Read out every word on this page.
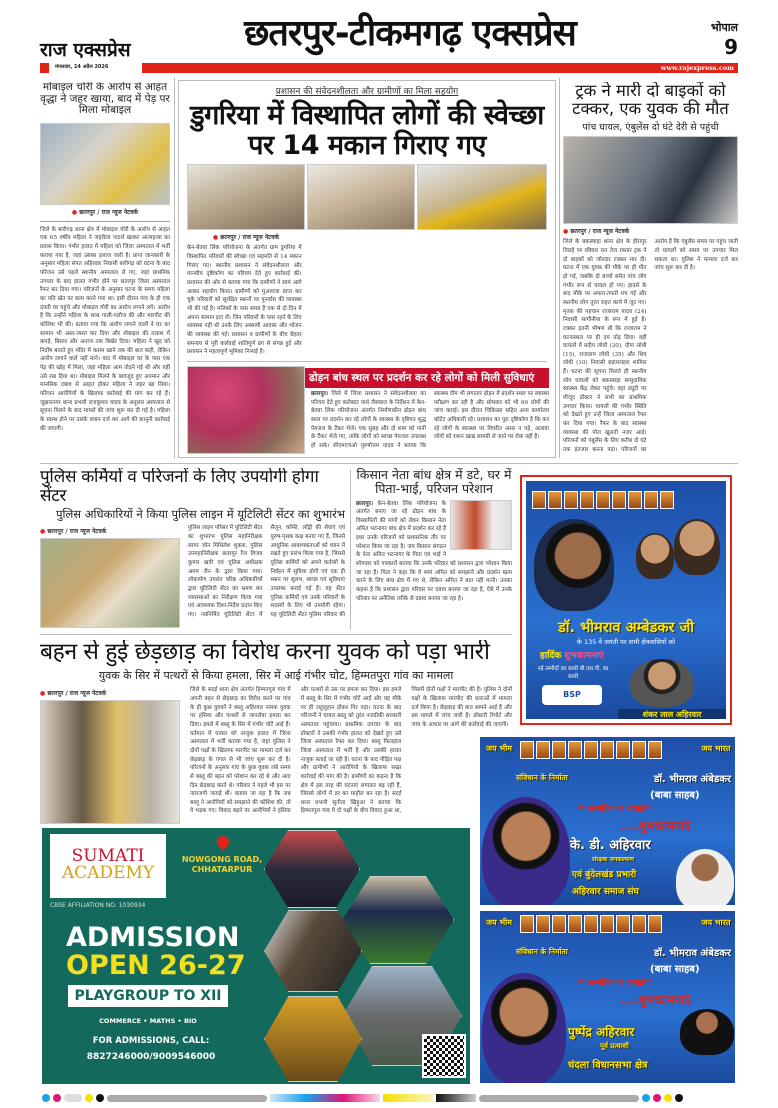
राज एक्सप्रेस	छतरपुर-टीकमगढ़ एक्सप्रेस	भोपाल
9
मंगलवार, 14 अप्रैल 2026	www.rajexpress.com
मोबाइल चोरी के आरोप से आहत वृद्धा ने जहर खाया, बाद में पेड़ पर मिला मोबाइल
● छतरपुर / राज न्यूज नेटवर्क
जिले के बारीगढ़ थाना क्षेत्र में मोबाइल चोरी के आरोप से आहत एक 65 वर्षीय महिला ने जहरीला पदार्थ खाकर आत्महत्या का प्रयास किया। गंभीर हालत में महिला को जिला अस्पताल में भर्ती कराया गया है, जहां उसका इलाज जारी है। प्राप्त जानकारी के अनुसार महिला संपत अहिरवार निवासी बारीगढ़ को घटना के बाद परिजन उसे पहले स्थानीय अस्पताल ले गए, जहां प्राथमिक उपचार के बाद हालत गंभीर होने पर छतरपुर जिला अस्पताल रैफर कर दिया गया। परिजनों के अनुसार घटना के समय महिला का पति खेत पर काम करने गया था। इसी दौरान गांव के ही एक दंपती घर पहुंचे और मोबाइल चोरी का आरोप लगाने लगे। आरोप है कि उन्होंने महिला के साथ गाली-गलौज की और मारपीट की कोशिश भी की। बताया गया कि आरोप लगाने वालों ने घर का सामान भी अस्त-व्यस्त कर दिया और मोबाइल की तलाश में कपड़े, बिस्तर और अनाज तक बिखेर दिया। महिला ने खुद को निर्दोष बताते हुए मंदिर में कसम खाने तक की बात कही, लेकिन आरोप लगाने वाले नहीं माने। बाद में मोबाइल घर के पास एक पेड़ की खोह में मिला, जहां महिला आम तोड़ने गई थी और वहीं उसे रख दिया था। मोबाइल मिलने के बावजूद हुए अपमान और मानसिक दबाव से आहत होकर महिला ने जहर खा लिया। परिजन आरोपियों के खिलाफ कार्रवाई की मांग कर रहे हैं। जुझारनगर थाना प्रभारी राजकुमार यादव के अनुसार अस्पताल से सूचना मिलने के बाद मामले की जांच शुरू कर दी गई है। महिला के स्वस्थ होने पर उसके बयान दर्ज कर आगे की कानूनी कार्रवाई की जाएगी।
प्रशासन की संवेदनशीलता और ग्रामीणों का मिला सहयोग
डुगरिया में विस्थापित लोगों की स्वेच्छा पर 14 मकान गिराए गए
● छतरपुर / राज न्यूज नेटवर्क
केन-बेतवा लिंक परियोजना के अंतर्गत ग्राम डुगरिया में विस्थापित परिवारों की स्वेच्छा एवं सहमति से 14 मकान गिराए गए। स्थानीय प्रशासन ने संवेदनशीलता और मानवीय दृष्टिकोण का परिचय देते हुए कार्रवाई की। प्रशासन की ओर से बताया गया कि ग्रामीणों ने स्वयं आगे आकर सहयोग किया। ग्रामीणों को मुआवजा प्राप्त कर चुके परिवारों को सुरक्षित स्थानों पर पुनर्वास की व्यवस्था भी की गई है। मलिकों के पास समय है एक से दो दिन में अपना सामान हटा लें। जिन परिवारों के पास रहने के लिए व्यवस्था नहीं थी उनके लिए अस्थायी आवास और भोजन की व्यवस्था की गई। प्रशासन व ग्रामीणों के बीच बेहतर समन्वय से पूरी कार्रवाई शांतिपूर्ण ढंग से संपन्न हुई और प्रशासन ने महत्वपूर्ण भूमिका निभाई है।
ढोड़न बांध स्थल पर प्रदर्शन कर रहे लोगों को मिली सुविधाएं
छतरपुर। जिले में जिला प्रशासन ने संवेदनशीलता का परिचय देते हुए कलेक्टर पार्थ जैसवाल के निर्देशन में केन-बेतवा लिंक परियोजना अंतर्गत निर्माणाधीन ढोड़न बांध स्थल पर प्रदर्शन कर रहे लोगों के स्वास्थ्य के दृष्टिगत शुद्ध पेयजल के टैंकर भेजे। एक सुबह और दो शाम को पानी के टैंकर भेजे गए, ताकि लोगों को स्वच्छ पेयजल उपलब्ध हो सके। सीएमएचओ पुरुषोत्तम यादव ने बताया कि स्वास्थ्य टीम भी लगातार ढोड़न में प्रदर्शन स्थल पर स्वास्थ्य परीक्षण कर रही है और सोमवार को भी 60 लोगों की जांच कराई। इस दौरान चिकित्सा सहित अन्य कार्यालय कोटेट अधिकारी रहे। प्रशासन का पूरा दृष्टिकोण है कि कर रहे लोगों के स्वास्थ्य पर विपरीत असर न पड़े, अलावा लोगों को राशन खाद्य सामग्री ले जाने पर रोक नहीं है।
ट्रक ने मारी दो बाइकों को टक्कर, एक युवक की मौत
पांच घायल, एंबुलेंस दो घंटे देरी से पहुंची
● छतरपुर / राज न्यूज नेटवर्क
जिले के बकस्वाहा थाना क्षेत्र के हीरापुर तिराहे पर रविवार रात तेज रफ्तार ट्रक ने दो बाइकों को जोरदार टक्कर मार दी। घटना में एक युवक की मौके पर ही मौत हो गई, जबकि दो बच्चों समेत पांच लोग गंभीर रूप से घायल हो गए। हादसे के बाद मौके पर अफरा-तफरी मच गई और स्थानीय लोग तुरंत राहत कार्य में जुट गए। मृतक की पहचान राजाराम यादव (24) निवासी सागौनीया के रूप में हुई है। टक्कर इतनी भीषण थी कि राजाराम ने घटनास्थल पर ही दम तोड़ दिया। वहीं घायलों में प्रदीप लोधी (30), दीपा लोधी (15), राजाराम लोधी (35) और शिव लोधी (10) निवासी बड़ामलहरा शामिल हैं। घटना की सूचना मिलते ही स्थानीय लोग घायलों को बकस्वाहा सामुदायिक स्वास्थ्य केंद्र लेकर पहुंचे। वहां ड्यूटी पर मौजूद डॉक्टर ने सभी का प्राथमिक उपचार किया। घायलों की गंभीर स्थिति को देखते हुए उन्हें जिला अस्पताल रैफर कर दिया गया। रैफर के बाद स्वास्थ्य व्यवस्था की पोल खुलती नजर आई। परिजनों को एंबुलेंस के लिए करीब दो घंटे तक इंतजार करना पड़ा। परिजनों का आरोप है कि एंबुलेंस समय पर पहुंच जाती तो घायलों को समय पर उपचार मिल सकता था। पुलिस ने मामला दर्ज कर जांच शुरू कर दी है।
पुलिस कर्मियों व परिजनों के लिए उपयोगी होगा सेंटर
पुलिस अधिकारियों ने किया पुलिस लाइन में यूटिलिटी सेंटर का शुभारंभ
● छतरपुर / राज न्यूज नेटवर्क	पुलिस लाइन परिसर में यूटिलिटी सेंटर का शुभारंभ पुलिस महानिरीक्षक सागर जोन मिथिलेश शुक्ला, पुलिस उपमहानिरीक्षक छतरपुर रेंज विजय कुमार खत्री एवं पुलिस अधीक्षक अगम जैन के द्वारा किया गया। लोकार्पण उपरांत वरिष्ठ अधिकारियों द्वारा यूटिलिटी सेंटर का भ्रमण कर व्यवस्थाओं का निरीक्षण किया गया एवं आवश्यक दिशा-निर्देश प्रदान किए गए। नवनिर्मित यूटिलिटी सेंटर में सैलून, कॉफी, लाँड्री की सेवाएं एवं पुरुष-पृथक कक्ष बनाए गए हैं, जिनसे आधुनिक आवश्यकताओं को ध्यान में रखते हुए प्रारंभ किया गया है, जिससे पुलिस कर्मियों को अपने कर्तव्यों के निर्वहन में सुविधा होगी एवं एक ही स्थान पर सुलभ, स्वच्छ एवं सुविधाएं उपलब्ध कराई गई हैं। यह सेंटर पुलिस कर्मियों एवं उनके परिवारों के सदस्यों के लिए भी उपयोगी रहेगा। यह यूटिलिटी सेंटर पुलिस परिवार की
किसान नेता बांध क्षेत्र में डटे, घर में पिता-भाई, परिजन परेशान
छतरपुर। केन-बेतवा लिंक परियोजना के अंतर्गत बनाए जा रहे ढोड़न बांध के विस्थापितों की मांगों को लेकर किसान नेता अमित भटनागर बांध क्षेत्र में प्रदर्शन कर रहे हैं इधर उनके परिजनों को प्रशासनिक तौर पर परेशान किया जा रहा है। जय किसान संगठन के नेता अमित भटनागर के पिता एवं भाई ने सोमवार को पत्रकारों बताया कि उनके परिवार को प्रशासन द्वारा परेशान किया जा रहा है। पिता ने कहा कि वे स्वयं अमित को समझाने और प्रदर्शन खत्म करने के लिए बांध क्षेत्र में गए थे, लेकिन अमित ने बात नहीं मानी। उनका कहना है कि प्रशासन द्वारा परिवार पर दबाव बनाया जा रहा है, ऐसे में उनके परिवार पर अनैतिक तरीके से दबाव बनाया जा रहा है।
डॉ. भीमराव अम्बेडकर जी
के 135 वें जयंती पर सभी क्षेत्रवासियों को
हार्दिक शुभकामनाएं
नई उम्मीदों का साथी बी.एस.पी. का साथी
BSP
शंकर लाल अहिरवार
बहन से हुई छेड़छाड़ का विरोध करना युवक को पड़ा भारी
युवक के सिर में पत्थरों से किया हमला, सिर में आई गंभीर चोट, हिम्मतपुरा गांव का मामला
● छतरपुर / राज न्यूज नेटवर्क	जिले के सटई थाना क्षेत्र अंतर्गत हिम्मतपुरा गांव में अपनी बहन से छेड़छाड़ का विरोध करने पर गांव के ही कुछ युवकों ने बब्लू अहिरवार नामक युवक पर हंसिया और पत्थरों से जानलेवा हमला कर दिया। हमले में बब्लू के सिर में गंभीर चोटें आई हैं। वर्तमान में घायल को नाजुक हालत में जिला अस्पताल में भर्ती कराया गया है, जहां पुलिस ने दोनों पक्षों के खिलाफ मारपीट का मामला दर्ज कर छेड़छाड़ के एंगल से भी जांच शुरू कर दी है। परिजनों के अनुसार गांव के कुछ युवक लंबे समय से बब्लू की बहन को परेशान कर रहे थे और आए दिन छेड़छाड़ करते थे। परिवार ने पहले भी इस पर नाराजगी जताई थी। बताया जा रहा है कि जब बब्लू ने आरोपियों को समझाने की कोशिश की, तो वे भड़क गए। विवाद बढ़ने पर आरोपियों ने हंसिया और पत्थरों से उस पर हमला कर दिया। इस हमले में बब्लू के सिर में गंभीर चोटें आईं और वह मौके पर ही लहूलुहान होकर गिर पड़ा। घटना के बाद परिजनों ने घायल बब्लू को तुरंत नजदीकी सरकारी अस्पताल पहुंचाया। प्राथमिक उपचार के बाद डॉक्टरों ने उसकी गंभीर हालत को देखते हुए उसे जिला अस्पताल रैफर कर दिया। बब्लू फिलहाल जिला अस्पताल में भर्ती है और उसकी हालत नाजुक बताई जा रही है। घटना के बाद पीड़ित पक्ष और ग्रामीणों ने आरोपियों के खिलाफ सख्त कार्रवाई की मांग की है। ग्रामीणों का कहना है कि क्षेत्र में इस तरह की घटनाएं लगातार बढ़ रही हैं, जिससे लोगों में डर का माहौल बन रहा है। सटई थाना प्रभारी सुनीता खिड़ुआ ने बताया कि हिम्मतपुरा गांव में दो पक्षों के बीच विवाद हुआ था, जिसमें दोनों पक्षों ने मारपीट की है। पुलिस ने दोनों पक्षों के खिलाफ मारपीट की धाराओं में मामला दर्ज किया है। छेड़छाड़ की बात सामने आई है और इस मामले में जांच जारी है। डॉक्टरी रिपोर्ट और जांच के आधार पर आगे की कार्रवाई की जाएगी।
SUMATI
ACADEMY
CBSE AFFILIATION NO. 1030934
NOWGONG ROAD,
CHHATARPUR
ADMISSION
OPEN 26-27
PLAYGROUP TO XII
COMMERCE • MATHS • BIO
FOR ADMISSIONS, CALL:
8827246000/9009546000
जय भीम	जय भारत
संविधान के निर्माता	डॉ. भीमराव अंबेडकर
(बाबा साहब)
के जन्मदिन पर बधाईयां
....शुभकामनाएं
के. डी. अहिरवार
संरक्षक जनकल्याण
एवं बुंदेलखंड प्रभारी
अहिरवार समाज संघ
जय भीम	जय भारत
संविधान के निर्माता	डॉ. भीमराव अंबेडकर
(बाबा साहब)
के जन्मदिन पर बधाईयां
....शुभकामनाएं
पुष्पेंद्र अहिरवार
पूर्व प्रत्याशी
चंदला विधानसभा क्षेत्र
